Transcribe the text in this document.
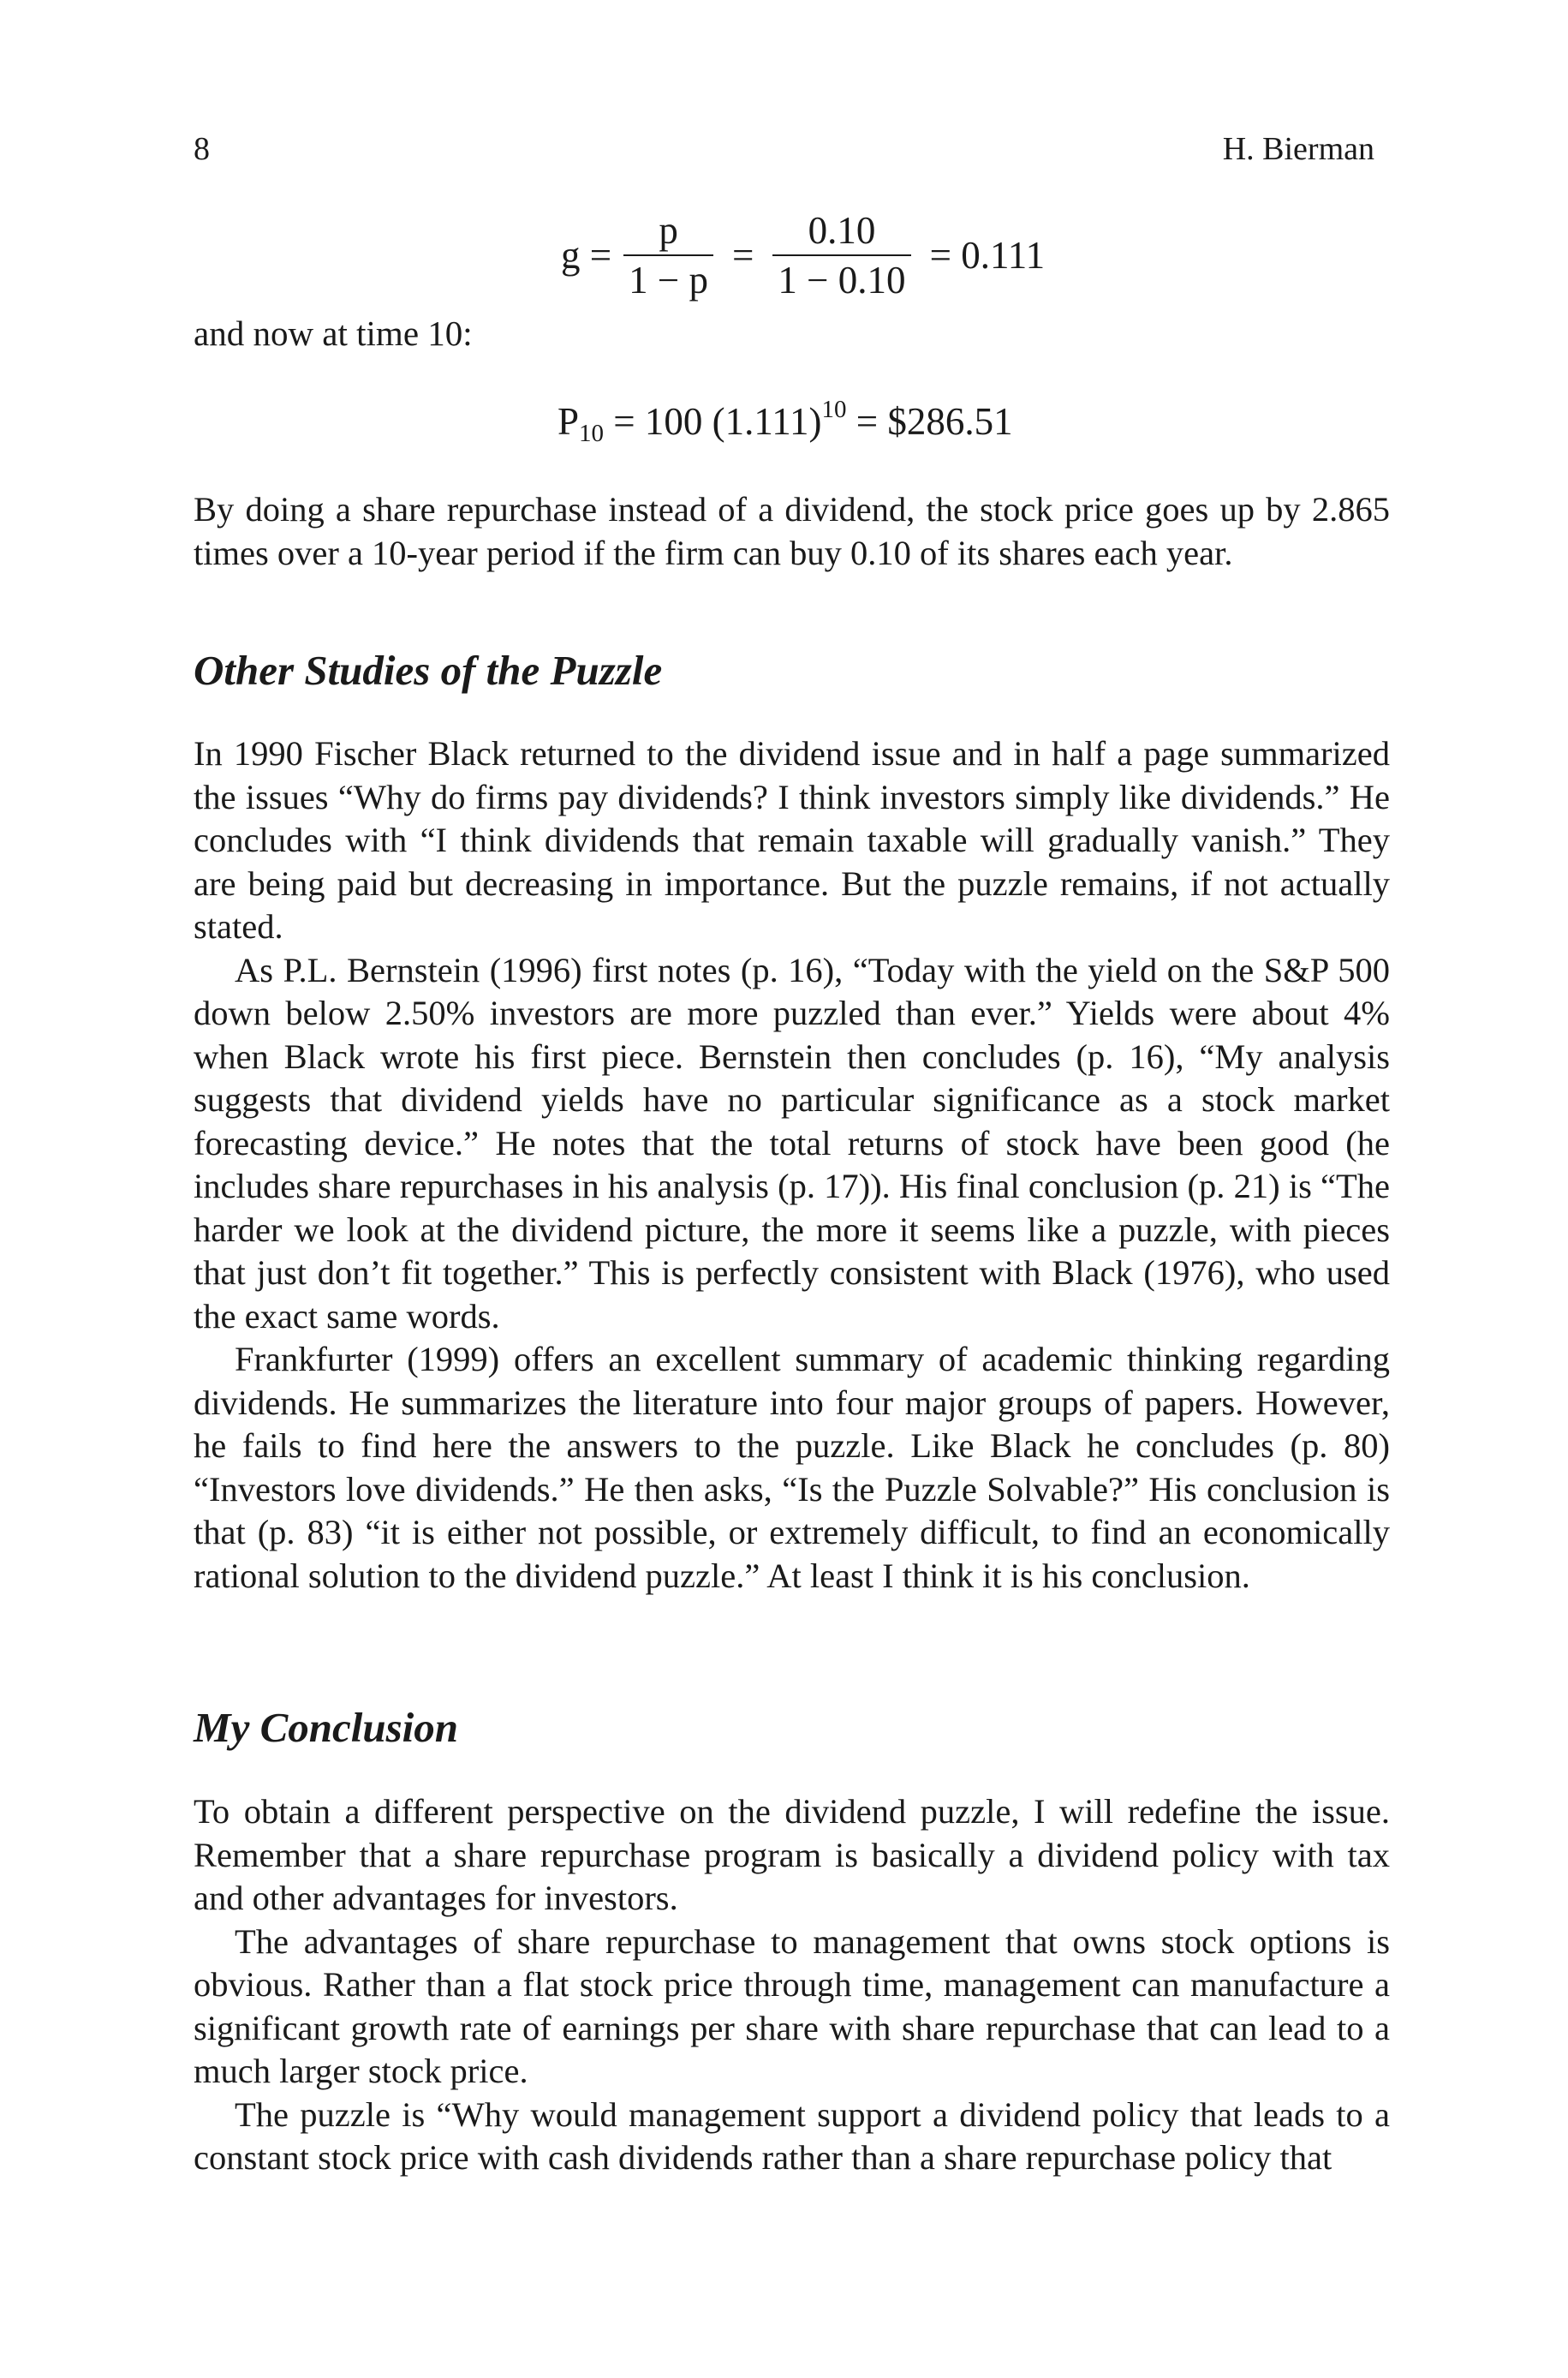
8	H. Bierman
$g = \frac{p}{1 - p} = \frac{0.10}{1 - 0.10} = 0.111$
and now at time 10:
$P_{10} = 100$ $(1.111)^{10}$ = $286.51

By doing a share repurchase instead of a dividend, the stock price goes up by 2.865 times over a 10-year period if the firm can buy 0.10 of its shares each year.

Other Studies of the Puzzle

In 1990 Fischer Black returned to the dividend issue and in half a page summarized the issues “Why do firms pay dividends? I think investors simply like dividends.” He concludes with “I think dividends that remain taxable will gradually vanish.” They are being paid but decreasing in importance. But the puzzle remains, if not actually stated.

As P.L. Bernstein (1996) first notes (p. 16), “Today with the yield on the S&P 500 down below 2.50% investors are more puzzled than ever.” Yields were about 4% when Black wrote his first piece. Bernstein then concludes (p. 16), “My analysis suggests that dividend yields have no particular significance as a stock market forecasting device.” He notes that the total returns of stock have been good (he includes share repurchases in his analysis (p. 17)). His final conclusion (p. 21) is “The harder we look at the dividend picture, the more it seems like a puzzle, with pieces that just don’t fit together.” This is perfectly consistent with Black (1976), who used the exact same words.

Frankfurter (1999) offers an excellent summary of academic thinking regarding dividends. He summarizes the literature into four major groups of papers. However, he fails to find here the answers to the puzzle. Like Black he concludes (p. 80) “Investors love dividends.” He then asks, “Is the Puzzle Solvable?” His conclusion is that (p. 83) “it is either not possible, or extremely difficult, to find an economically rational solution to the dividend puzzle.” At least I think it is his conclusion.

My Conclusion

To obtain a different perspective on the dividend puzzle, I will redefine the issue. Remember that a share repurchase program is basically a dividend policy with tax and other advantages for investors.

The advantages of share repurchase to management that owns stock options is obvious. Rather than a flat stock price through time, management can manufacture a significant growth rate of earnings per share with share repurchase that can lead to a much larger stock price.

The puzzle is “Why would management support a dividend policy that leads to a constant stock price with cash dividends rather than a share repurchase policy that
